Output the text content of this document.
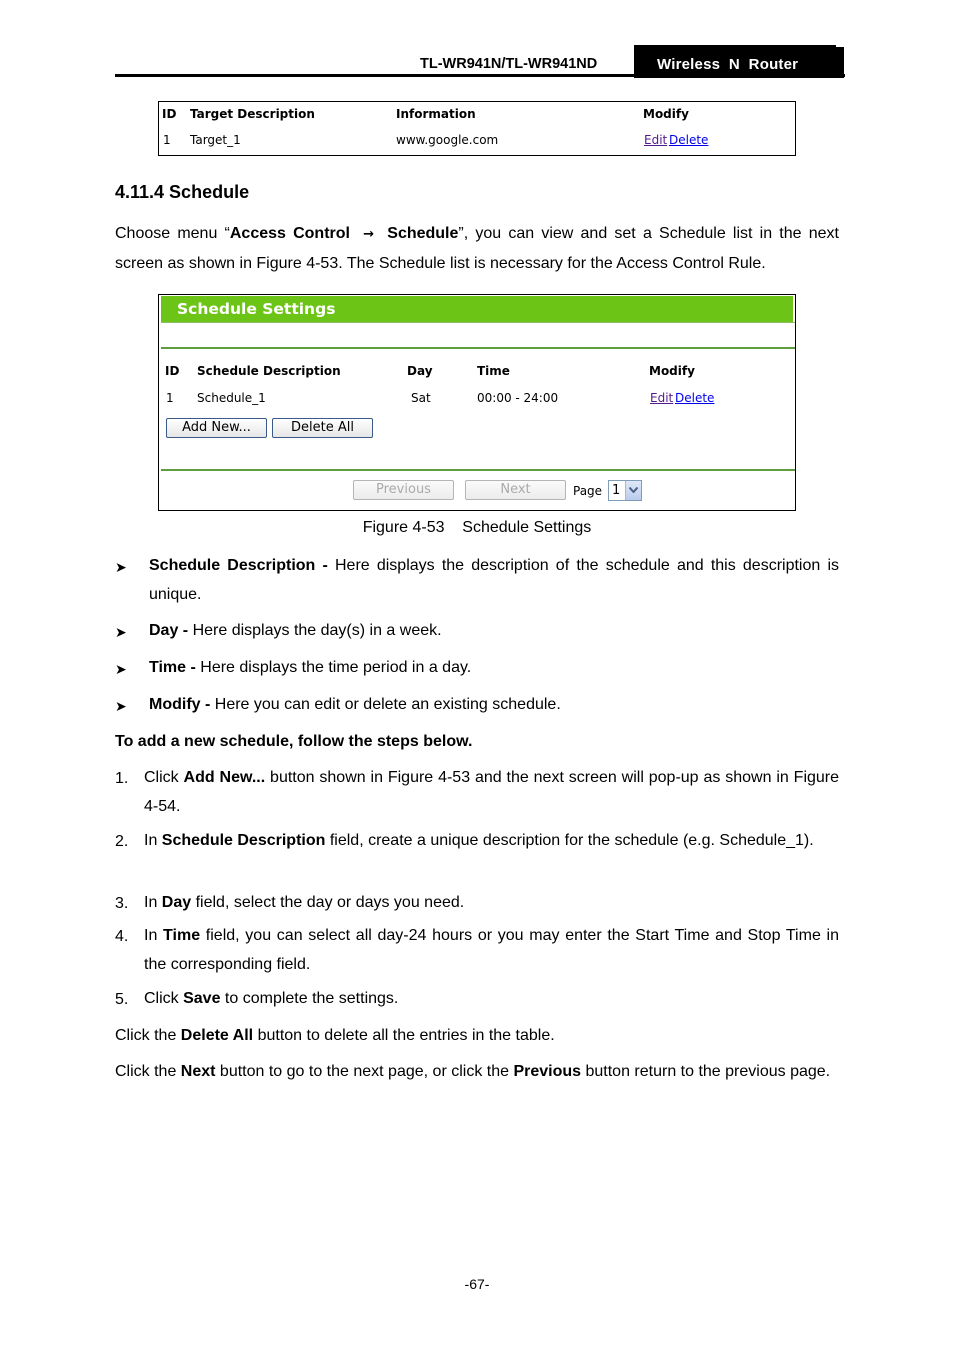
TL-WR941N/TL-WR941ND	Wireless  N  Router
ID Target Description	Information	Modify
1 Target_1	www.google.com	Edit Delete
4.11.4 Schedule
Choose menu “Access Control → Schedule”, you can view and set a Schedule list in the next screen as shown in Figure 4-53. The Schedule list is necessary for the Access Control Rule.
Schedule Settings
ID Schedule Description	Day	Time	Modify
1 Schedule_1	Sat	00:00 - 24:00	Edit Delete
Add New...	Delete All
Previous	Next	Page 1
Figure 4-53    Schedule Settings
➤ Schedule Description - Here displays the description of the schedule and this description is unique.
➤ Day - Here displays the day(s) in a week.
➤ Time - Here displays the time period in a day.
➤ Modify - Here you can edit or delete an existing schedule.
To add a new schedule, follow the steps below.
1. Click Add New... button shown in Figure 4-53 and the next screen will pop-up as shown in Figure 4-54.
2. In Schedule Description field, create a unique description for the schedule (e.g. Schedule_1).
3. In Day field, select the day or days you need.
4. In Time field, you can select all day-24 hours or you may enter the Start Time and Stop Time in the corresponding field.
5. Click Save to complete the settings.
Click the Delete All button to delete all the entries in the table.
Click the Next button to go to the next page, or click the Previous button return to the previous page.
-67-
